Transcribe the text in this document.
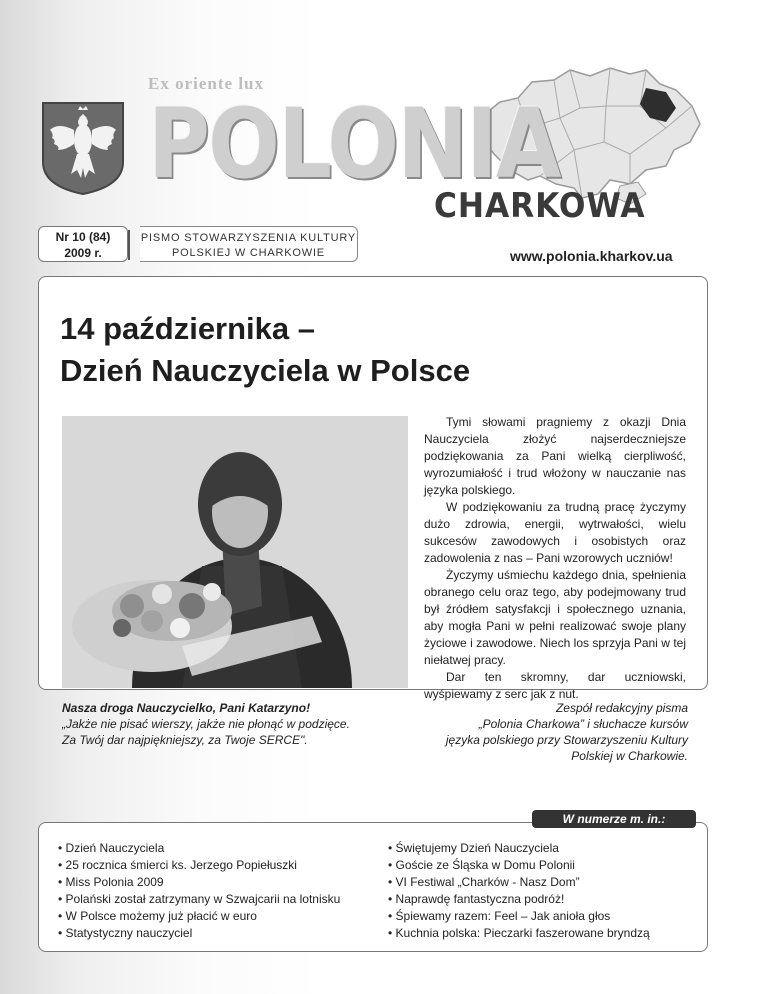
Ex oriente lux
POLONIA
CHARKOWA
Nr 10 (84)
2009 r.
PISMO STOWARZYSZENIA KULTURY
POLSKIEJ W CHARKOWIE	www.polonia.kharkov.ua
14 października –
Dzień Nauczyciela w Polsce

Tymi słowami pragniemy z okazji Dnia Nauczyciela złożyć najserdeczniejsze podziękowania za Pani wielką cierpliwość, wyrozumiałość i trud włożony w nauczanie nas języka polskiego.

W podziękowaniu za trudną pracę życzymy dużo zdrowia, energii, wytrwałości, wielu sukcesów zawodowych i osobistych oraz zadowolenia z nas – Pani wzorowych uczniów!

Życzymy uśmiechu każdego dnia, spełnienia obranego celu oraz tego, aby podejmowany trud był źródłem satysfakcji i społecznego uznania, aby mogła Pani w pełni realizować swoje plany życiowe i zawodowe. Niech los sprzyja Pani w tej niełatwej pracy.

Dar ten skromny, dar uczniowski, wyśpiewamy z serc jak z nut.

Nasza droga Nauczycielko, Pani Katarzyno!
„Jakże nie pisać wierszy, jakże nie płonąć w podzięce.
Za Twój dar najpiękniejszy, za Twoje SERCE".
Zespół redakcyjny pisma
„Polonia Charkowa” i słuchacze kursów
języka polskiego przy Stowarzyszeniu Kultury
Polskiej w Charkowie.
W numerze m. in.:
• Dzień Nauczyciela
• 25 rocznica śmierci ks. Jerzego Popiełuszki
• Miss Polonia 2009
• Polański został zatrzymany w Szwajcarii na lotnisku
• W Polsce możemy już płacić w euro
• Statystyczny nauczyciel
• Świętujemy Dzień Nauczyciela
• Goście ze Śląska w Domu Polonii
• VI Festiwal „Charków - Nasz Dom”
• Naprawdę fantastyczna podróż!
• Śpiewamy razem: Feel – Jak anioła głos
• Kuchnia polska: Pieczarki faszerowane bryndzą
